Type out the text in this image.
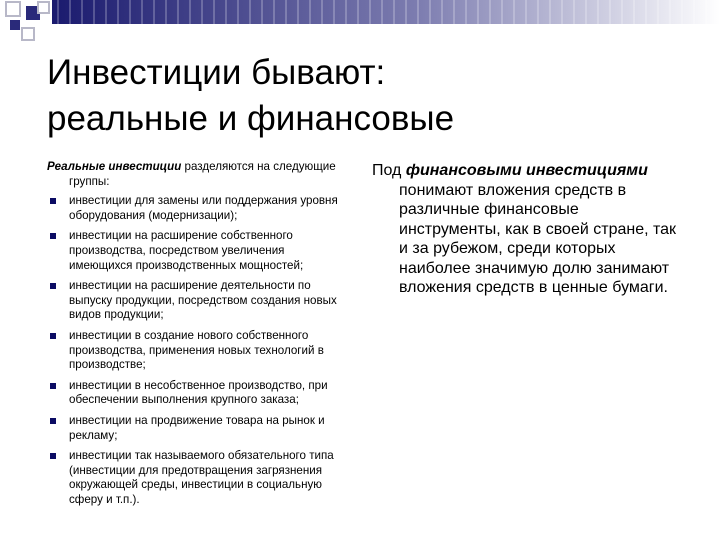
Инвестиции бывают:
реальные и финансовые
Реальные инвестиции разделяются на следующие группы:
инвестиции для замены или поддержания уровня оборудования (модернизации);
инвестиции на расширение собственного производства, посредством увеличения имеющихся производственных мощностей;
инвестиции на расширение деятельности по выпуску продукции, посредством создания новых видов продукции;
инвестиции в создание нового собственного производства, применения новых технологий в производстве;
инвестиции в несобственное производство, при обеспечении выполнения крупного заказа;
инвестиции на продвижение товара на рынок и рекламу;
инвестиции так называемого обязательного типа (инвестиции для предотвращения загрязнения окружающей среды, инвестиции в социальную сферу и т.п.).

Под финансовыми инвестициями понимают вложения средств в различные финансовые инструменты, как в своей стране, так и за рубежом, среди которых наиболее значимую долю занимают вложения средств в ценные бумаги.
